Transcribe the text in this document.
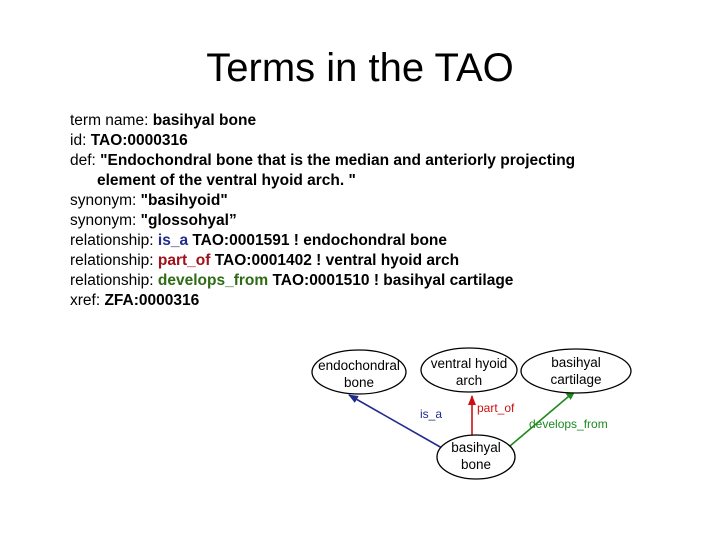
Terms in the TAO
term name: basihyal bone
id: TAO:0000316
def: "Endochondral bone that is the median and anteriorly projecting
element of the ventral hyoid arch. "
synonym: "basihyoid"
synonym: "glossohyal”
relationship: is_a TAO:0001591 ! endochondral bone
relationship: part_of TAO:0001402 ! ventral hyoid arch
relationship: develops_from TAO:0001510 ! basihyal cartilage
xref: ZFA:0000316
endochondral
bone
ventral hyoid
arch
basihyal
cartilage
basihyal
bone
is_a	part_of
develops_from
